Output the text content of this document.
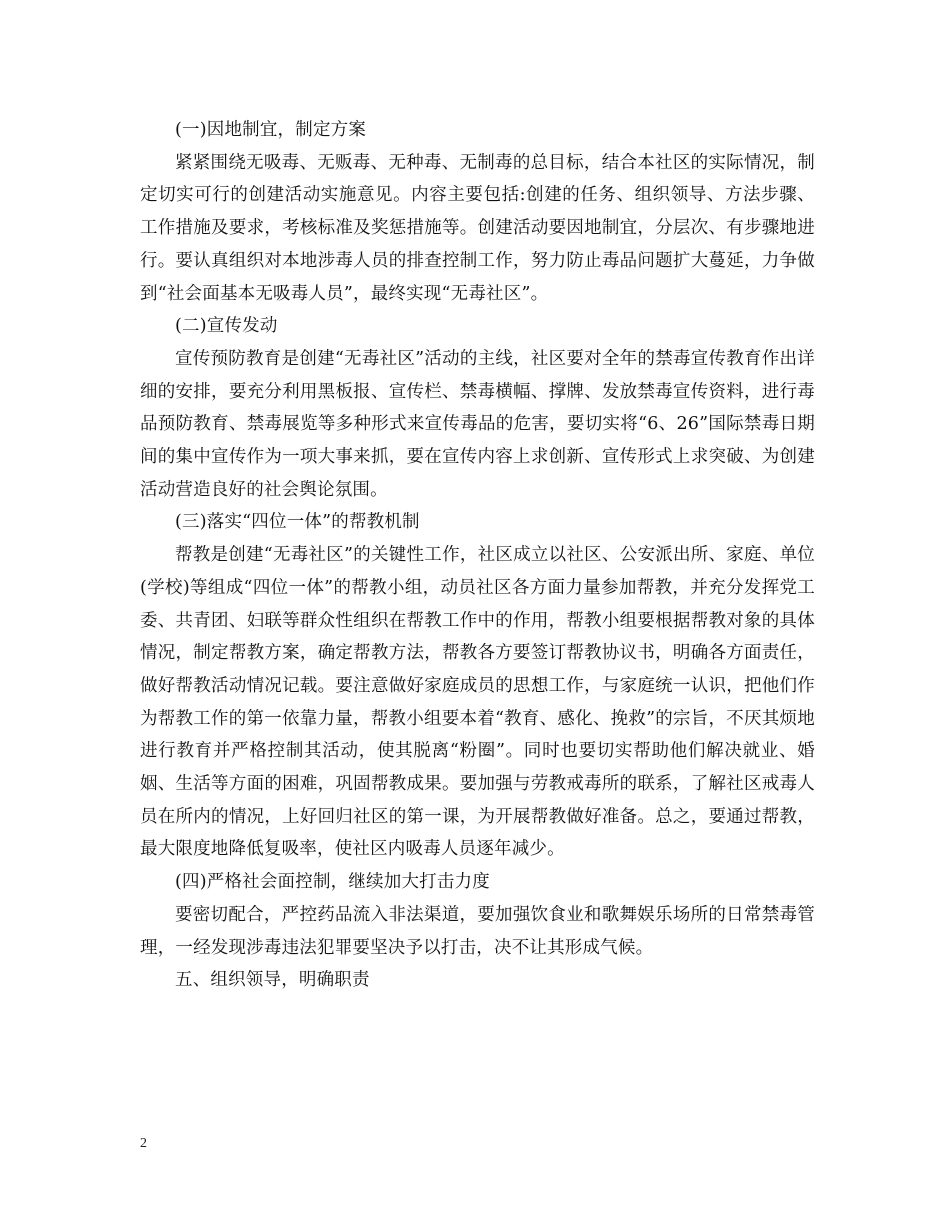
(一)因地制宜，制定方案

紧紧围绕无吸毒、无贩毒、无种毒、无制毒的总目标，结合本社区的实际情况，制定切实可行的创建活动实施意见。内容主要包括:创建的任务、组织领导、方法步骤、工作措施及要求，考核标准及奖惩措施等。创建活动要因地制宜，分层次、有步骤地进行。要认真组织对本地涉毒人员的排查控制工作，努力防止毒品问题扩大蔓延，力争做到“社会面基本无吸毒人员”，最终实现“无毒社区”。

(二)宣传发动

宣传预防教育是创建“无毒社区”活动的主线，社区要对全年的禁毒宣传教育作出详细的安排，要充分利用黑板报、宣传栏、禁毒横幅、撑牌、发放禁毒宣传资料，进行毒品预防教育、禁毒展览等多种形式来宣传毒品的危害，要切实将“6、26”国际禁毒日期间的集中宣传作为一项大事来抓，要在宣传内容上求创新、宣传形式上求突破、为创建活动营造良好的社会舆论氛围。

(三)落实“四位一体”的帮教机制

帮教是创建“无毒社区”的关键性工作，社区成立以社区、公安派出所、家庭、单位(学校)等组成“四位一体”的帮教小组，动员社区各方面力量参加帮教，并充分发挥党工委、共青团、妇联等群众性组织在帮教工作中的作用，帮教小组要根据帮教对象的具体情况，制定帮教方案，确定帮教方法，帮教各方要签订帮教协议书，明确各方面责任，做好帮教活动情况记载。要注意做好家庭成员的思想工作，与家庭统一认识，把他们作为帮教工作的第一依靠力量，帮教小组要本着“教育、感化、挽救”的宗旨，不厌其烦地进行教育并严格控制其活动，使其脱离“粉圈”。同时也要切实帮助他们解决就业、婚姻、生活等方面的困难，巩固帮教成果。要加强与劳教戒毒所的联系，了解社区戒毒人员在所内的情况，上好回归社区的第一课，为开展帮教做好准备。总之，要通过帮教，最大限度地降低复吸率，使社区内吸毒人员逐年减少。

(四)严格社会面控制，继续加大打击力度

要密切配合，严控药品流入非法渠道，要加强饮食业和歌舞娱乐场所的日常禁毒管理，一经发现涉毒违法犯罪要坚决予以打击，决不让其形成气候。

五、组织领导，明确职责

2
